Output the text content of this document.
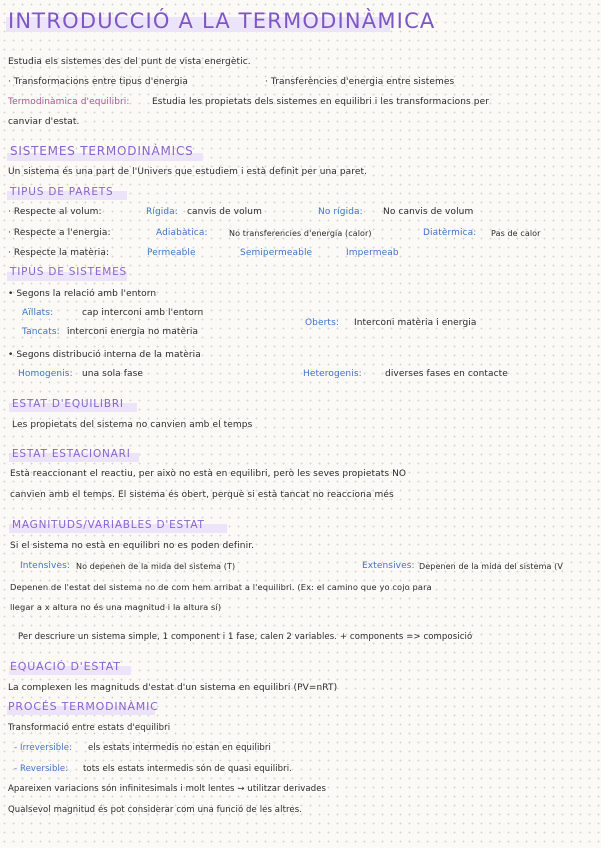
INTRODUCCIÓ A LA TERMODINÀMICA
Estudia els sistemes des del punt de vista energètic.
· Transformacions entre tipus d'energia	· Transferències d'energia entre sistemes
Termodinàmica d'equilibri: Estudia les propietats dels sistemes en equilibri i les transformacions per
canviar d'estat.
SISTEMES TERMODINÀMICS
Un sistema és una part de l'Univers que estudiem i està definit per una paret.
TIPUS DE PARETS
· Respecte al volum:	Rígida: canvis de volum	No rígida: No canvis de volum
· Respecte a l'energia:	Adiabàtica:	No transferencies d'energia (calor)	Diatèrmica: Pas de calor
· Respecte la matèria:	Permeable	Semipermeable	Impermeab
TIPUS DE SISTEMES
• Segons la relació amb l'entorn
Aïllats:	cap interconi amb l'entorn
Tancats: interconi energia no matèria
Oberts: Interconi matèria i energia
• Segons distribució interna de la matèria
Homogenis: una sola fase	Heterogenis:	diverses fases en contacte
ESTAT D'EQUILIBRI
Les propietats del sistema no canvien amb el temps
ESTAT ESTACIONARI
Està reaccionant el reactiu, per això no està en equilibri, però les seves propietats NO
canvien amb el temps. El sistema és obert, perquè si està tancat no reacciona més
MAGNITUDS/VARIABLES D'ESTAT
Si el sistema no està en equilibri no es poden definir.
Intensives: No depenen de la mida del sistema (T)	Extensives: Depenen de la mida del sistema (V
Depenen de l'estat del sistema no de com hem arribat a l'equilibri. (Ex: el camino que yo cojo para
llegar a x altura no és una magnitud i la altura sí)
Per descriure un sistema simple, 1 component i 1 fase, calen 2 variables. + components => composició
EQUACIÓ D'ESTAT
La complexen les magnituds d'estat d'un sistema en equilibri (PV=nRT)
PROCÉS TERMODINÀMIC
Transformació entre estats d'equilibri
- Irreversible: els estats intermedis no estan en equilibri
- Reversible: tots els estats intermedis són de quasi equilibri.
Apareixen variacions són infinitesimals i molt lentes → utilitzar derivades
Qualsevol magnitud és pot considerar com una funció de les altres.
